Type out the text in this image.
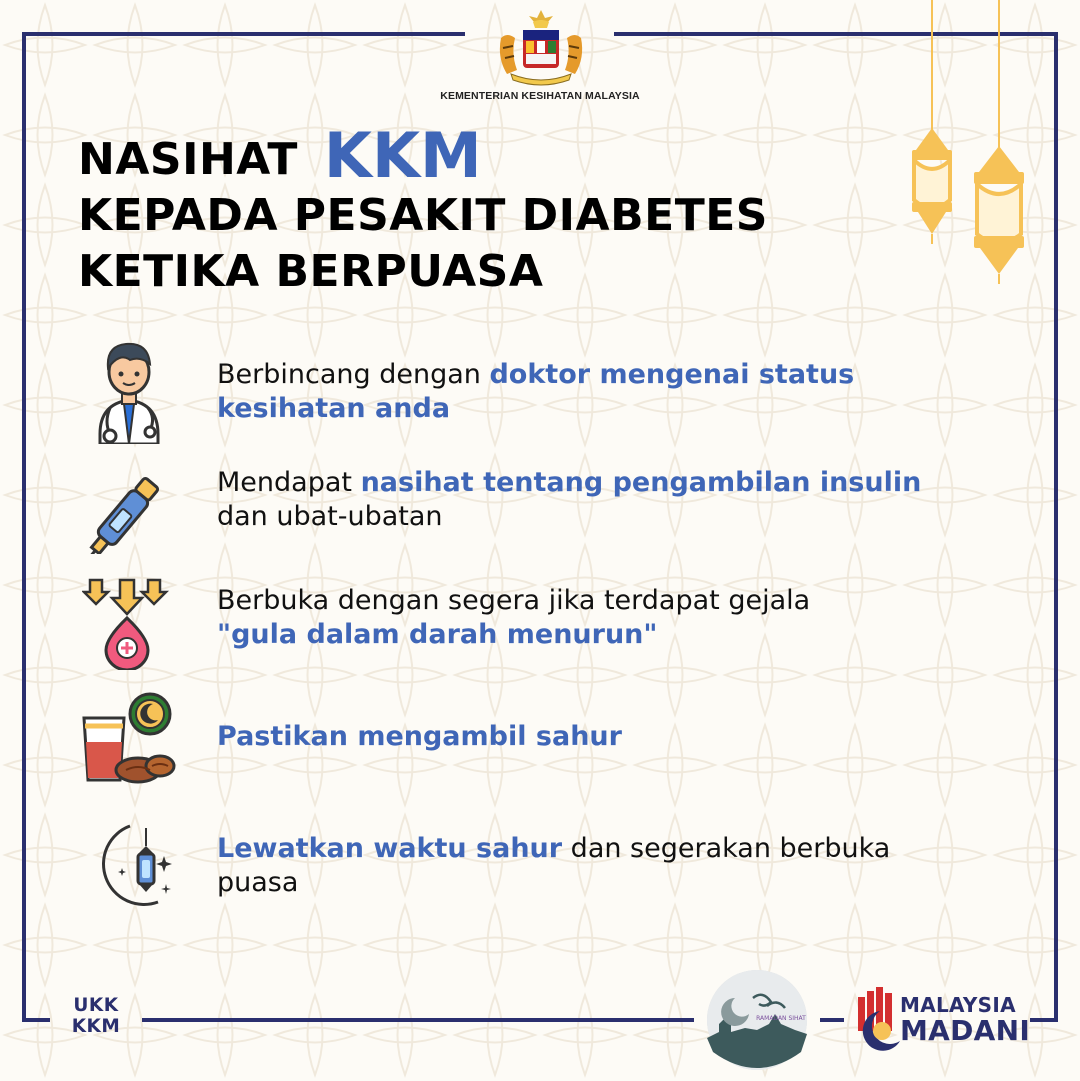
KEMENTERIAN KESIHATAN MALAYSIA
NASIHAT KKM
KEPADA PESAKIT DIABETES
KETIKA BERPUASA
Berbincang dengan doktor mengenai status
kesihatan anda
Mendapat nasihat tentang pengambilan insulin
dan ubat-ubatan
Berbuka dengan segera jika terdapat gejala
"gula dalam darah menurun"
Pastikan mengambil sahur
Lewatkan waktu sahur dan segerakan berbuka
puasa
UKK
KKM	RAMADAN SIHAT
MALAYSIA
MADANI
